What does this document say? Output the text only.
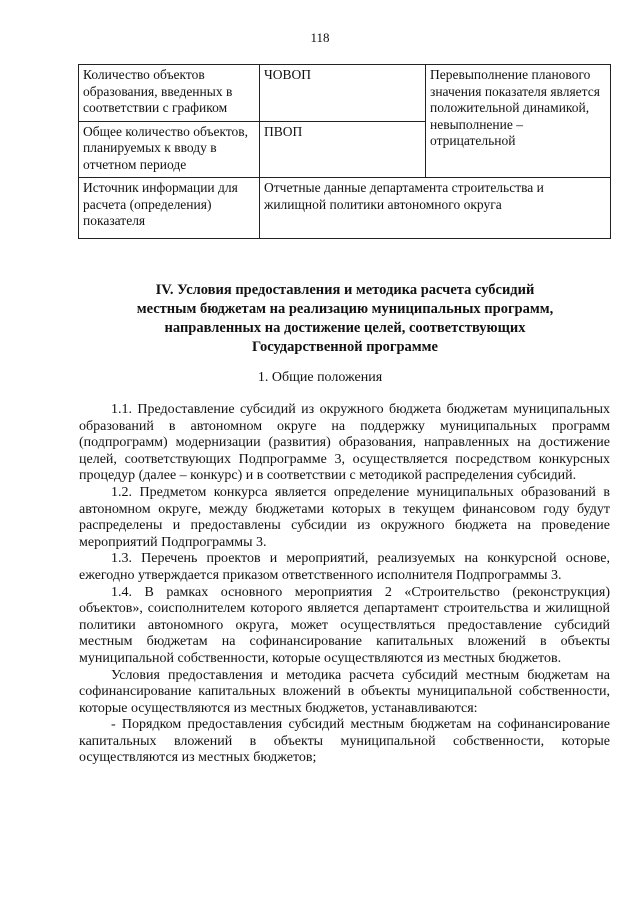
118
Количество объектов образования, введенных в соответствии с графиком	ЧОВОП	Перевыполнение планового значения показателя является положительной динамикой, невыполнение – отрицательной
Общее количество объектов, планируемых к вводу в отчетном периоде	ПВОП	
Источник информации для расчета (определения) показателя	Отчетные данные департамента строительства и жилищной политики автономного округа	
IV. Условия предоставления и методика расчета субсидий
местным бюджетам на реализацию муниципальных программ,
направленных на достижение целей, соответствующих
Государственной программе
1. Общие положения

1.1. Предоставление субсидий из окружного бюджета бюджетам муниципальных образований в автономном округе на поддержку муниципальных программ (подпрограмм) модернизации (развития) образования, направленных на достижение целей, соответствующих Подпрограмме 3, осуществляется посредством конкурсных процедур (далее – конкурс) и в соответствии с методикой распределения субсидий.

1.2. Предметом конкурса является определение муниципальных образований в автономном округе, между бюджетами которых в текущем финансовом году будут распределены и предоставлены субсидии из окружного бюджета на проведение мероприятий Подпрограммы 3.

1.3. Перечень проектов и мероприятий, реализуемых на конкурсной основе, ежегодно утверждается приказом ответственного исполнителя Подпрограммы 3.

1.4. В рамках основного мероприятия 2 «Строительство (реконструкция) объектов», соисполнителем которого является департамент строительства и жилищной политики автономного округа, может осуществляться предоставление субсидий местным бюджетам на софинансирование капитальных вложений в объекты муниципальной собственности, которые осуществляются из местных бюджетов.

Условия предоставления и методика расчета субсидий местным бюджетам на софинансирование капитальных вложений в объекты муниципальной собственности, которые осуществляются из местных бюджетов, устанавливаются:

- Порядком предоставления субсидий местным бюджетам на софинансирование капитальных вложений в объекты муниципальной собственности, которые осуществляются из местных бюджетов;
